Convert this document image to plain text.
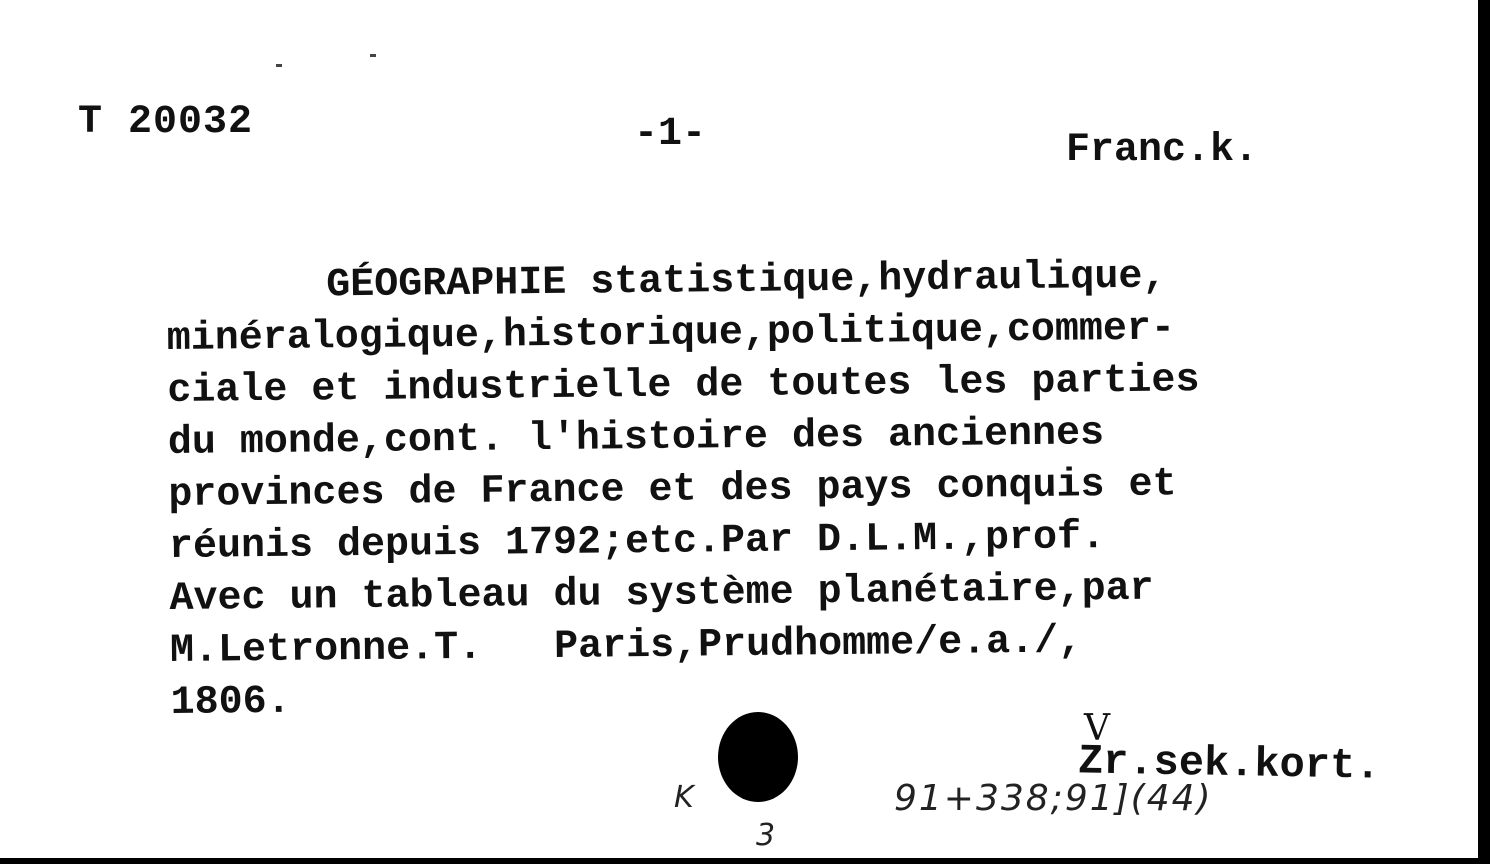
T 20032	-1-	Franc.k.
GÉOGRAPHIE statistique,hydraulique,
minéralogique,historique,politique,commer-
ciale et industrielle de toutes les parties
du monde,cont. l'histoire des anciennes
provinces de France et des pays conquis et
réunis depuis 1792;etc.Par D.L.M.,prof.
Avec un tableau du système planétaire,par
M.Letronne.T.   Paris,Prudhomme/e.a./,
1806.
V
Zr.sek.kort.
K
3
91+338;91](44)
